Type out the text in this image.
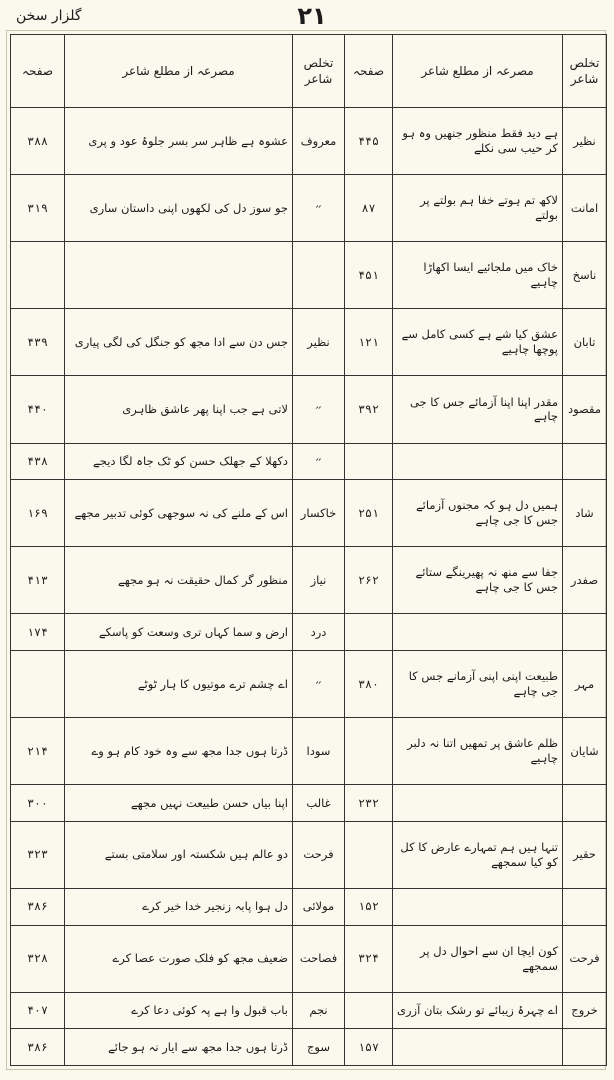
گلزار سخن	۲۱
تخلص شاعر	مصرعہ از مطلع شاعر	صفحہ	تخلص شاعر	مصرعہ از مطلع شاعر	صفحہ
نظیر	ہے دید فقط منظور جنھیں وہ ہو کر حیب سی نکلے	۴۴۵	معروف	عشوہ ہے ظاہر سر بسر جلوۂ عود و پری	۳۸۸
امانت	لاکھ تم ہوتے خفا ہم بولتے پر بولتے	۸۷	״	جو سوز دل کی لکھوں اپنی داستان ساری	۳۱۹
ناسخ	خاک میں ملجائیے ایسا اکھاڑا چاہیے	۴۵۱			
تابان	عشق کیا شے ہے کسی کامل سے پوچھا چاہیے	۱۲۱	نظیر	جس دن سے ادا مجھ کو جنگل کی لگی پیاری	۴۳۹
مقصود	مقدر اپنا اپنا آزمائے جس کا جی چاہے	۳۹۲	״	لاتی ہے جب اپنا پھر عاشق ظاہری	۴۴۰
			״	دکھلا کے جھلک حسن کو ٹک جاہ لگا دیجے	۴۳۸
شاد	ہمیں دل ہو کہ مجنوں آزمائے جس کا جی چاہے	۲۵۱	خاکسار	اس کے ملنے کی نہ سوجھی کوئی تدبیر مجھے	۱۶۹
صفدر	جفا سے منھ نہ پھیرینگے ستائے جس کا جی چاہے	۲۶۲	نیاز	منظور گر کمال حقیقت نہ ہو مجھے	۴۱۳
			درد	ارض و سما کہاں تری وسعت کو پاسکے	۱۷۴
مہر	طبیعت اپنی اپنی آزمانے جس کا جی چاہے	۳۸۰	״	اے چشم ترے موتیوں کا ہار ٹوٹے	
شایان	ظلم عاشق پر تمھیں اتنا نہ دلبر چاہیے		سودا	ڈرتا ہوں جدا مجھ سے وہ خود کام ہو وے	۲۱۴
		۲۳۲	غالب	اپنا بیاں حسن طبیعت نہیں مجھے	۳۰۰
حقیر	تنہا ہیں ہم تمہارے عارض کا کل کو کیا سمجھے		فرحت	دو عالم ہیں شکستہ اور سلامتی بستے	۳۲۳
		۱۵۲	مولائی	دل ہوا پابہ زنجیر خدا خیر کرے	۳۸۶
فرحت	کون ایچا ان سے احوال دل پر سمجھے	۳۲۴	فصاحت	ضعیف مجھ کو فلک صورت عصا کرے	۳۲۸
خروج	اے چہرۂ زیبائے تو رشک بتان آزری		نجم	باب قبول وا ہے پہ کوئی دعا کرے	۴۰۷
		۱۵۷	سوج	ڈرتا ہوں جدا مجھ سے ایار نہ ہو جائے	۳۸۶
